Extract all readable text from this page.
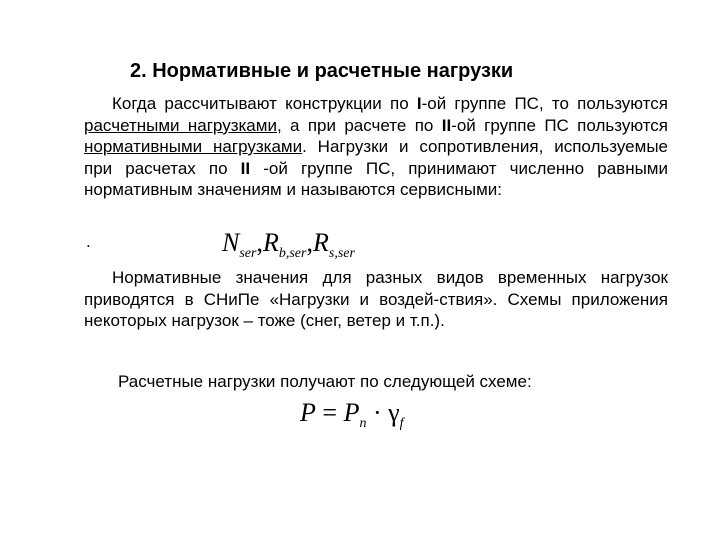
2. Нормативные и расчетные нагрузки
Когда рассчитывают конструкции по I-ой группе ПС, то пользуются расчетными нагрузками, а при расчете по II-ой группе ПС пользуются нормативными нагрузками. Нагрузки и сопротивления, используемые при расчетах по II -ой группе ПС, принимают численно равными нормативным значениям и называются сервисными:
.	Nser,Rb,ser,Rs,ser
Нормативные значения для разных видов временных нагрузок приводятся в СНиПе «Нагрузки и воздей-ствия». Схемы приложения некоторых нагрузок – тоже (снег, ветер и т.п.).
Расчетные нагрузки получают по следующей схеме:
P = Pn · γf
